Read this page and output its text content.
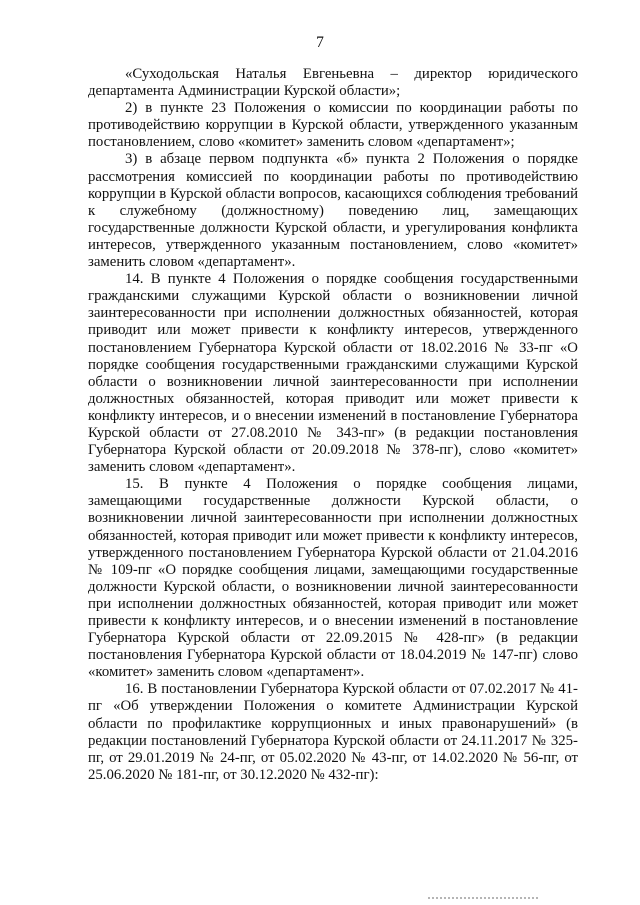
7

«Суходольская Наталья Евгеньевна – директор юридического департамента Администрации Курской области»;

2) в пункте 23 Положения о комиссии по координации работы по противодействию коррупции в Курской области, утвержденного указанным постановлением, слово «комитет» заменить словом «департамент»;

3) в абзаце первом подпункта «б» пункта 2 Положения о порядке рассмотрения комиссией по координации работы по противодействию коррупции в Курской области вопросов, касающихся соблюдения требований к служебному (должностному) поведению лиц, замещающих государственные должности Курской области, и урегулирования конфликта интересов, утвержденного указанным постановлением, слово «комитет» заменить словом «департамент».

14. В пункте 4 Положения о порядке сообщения государственными гражданскими служащими Курской области о возникновении личной заинтересованности при исполнении должностных обязанностей, которая приводит или может привести к конфликту интересов, утвержденного постановлением Губернатора Курской области от 18.02.2016 № 33-пг «О порядке сообщения государственными гражданскими служащими Курской области о возникновении личной заинтересованности при исполнении должностных обязанностей, которая приводит или может привести к конфликту интересов, и о внесении изменений в постановление Губернатора Курской области от 27.08.2010 № 343-пг» (в редакции постановления Губернатора Курской области от 20.09.2018 № 378-пг), слово «комитет» заменить словом «департамент».

15. В пункте 4 Положения о порядке сообщения лицами, замещающими государственные должности Курской области, о возникновении личной заинтересованности при исполнении должностных обязанностей, которая приводит или может привести к конфликту интересов, утвержденного постановлением Губернатора Курской области от 21.04.2016 № 109-пг «О порядке сообщения лицами, замещающими государственные должности Курской области, о возникновении личной заинтересованности при исполнении должностных обязанностей, которая приводит или может привести к конфликту интересов, и о внесении изменений в постановление Губернатора Курской области от 22.09.2015 № 428-пг» (в редакции постановления Губернатора Курской области от 18.04.2019 № 147-пг) слово «комитет» заменить словом «департамент».

16. В постановлении Губернатора Курской области от 07.02.2017 № 41-пг «Об утверждении Положения о комитете Администрации Курской области по профилактике коррупционных и иных правонарушений» (в редакции постановлений Губернатора Курской области от 24.11.2017 № 325-пг, от 29.01.2019 № 24-пг, от 05.02.2020 № 43-пг, от 14.02.2020 № 56-пг, от 25.06.2020 № 181-пг, от 30.12.2020 № 432-пг):
